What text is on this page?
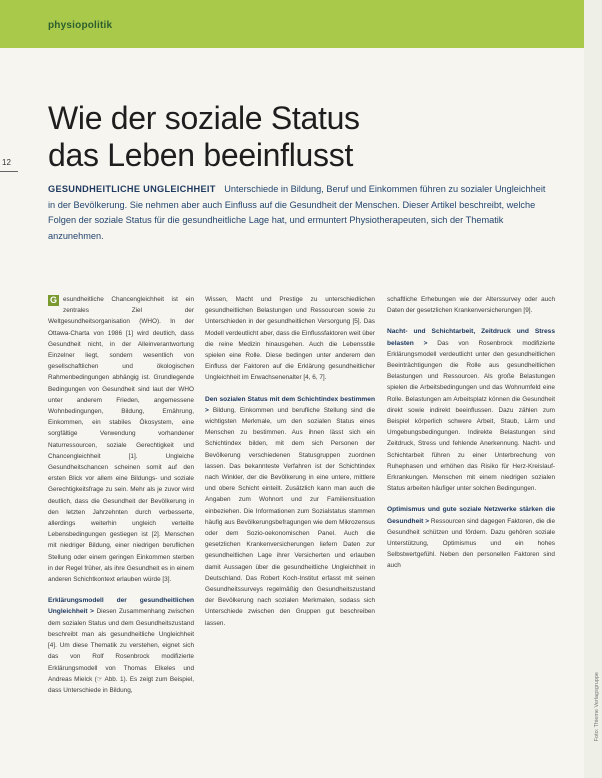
physiopolitik
12
Wie der soziale Status
das Leben beeinflusst
GESUNDHEITLICHE UNGLEICHHEIT Unterschiede in Bildung, Beruf und Einkommen führen zu sozialer Ungleichheit in der Bevölkerung. Sie nehmen aber auch Einfluss auf die Gesundheit der Menschen. Dieser Artikel beschreibt, welche Folgen der soziale Status für die gesundheitliche Lage hat, und ermuntert Physiotherapeuten, sich der Thematik anzunehmen.

G esundheitliche Chancengleichheit ist ein zentrales Ziel der Weltgesundheitsorganisation (WHO). In der Ottawa-Charta von 1986 [1] wird deutlich, dass Gesundheit nicht, in der Alleinverantwortung Einzelner liegt, sondern wesentlich von gesellschaftlichen und ökologischen Rahmenbedingungen abhängig ist. Grundlegende Bedingungen von Gesundheit sind laut der WHO unter anderem Frieden, angemessene Wohnbedingungen, Bildung, Ernährung, Einkommen, ein stabiles Ökosystem, eine sorgfältige Verwendung vorhandener Naturressourcen, soziale Gerechtigkeit und Chancengleichheit [1]. Ungleiche Gesundheitschancen scheinen somit auf den ersten Blick vor allem eine Bildungs- und soziale Gerechtigkeitsfrage zu sein. Mehr als je zuvor wird deutlich, dass die Gesundheit der Bevölkerung in den letzten Jahrzehnten durch verbesserte, allerdings weiterhin ungleich verteilte Lebensbedingungen gestiegen ist [2]. Menschen mit niedriger Bildung, einer niedrigen beruflichen Stellung oder einem geringen Einkommen sterben in der Regel früher, als ihre Gesundheit es in einem anderen Schichtkontext erlauben würde [3].

Erklärungsmodell der gesundheitlichen Ungleichheit > Diesen Zusammenhang zwischen dem sozialen Status und dem Gesundheitszustand beschreibt man als gesundheitliche Ungleichheit [4]. Um diese Thematik zu verstehen, eignet sich das von Rolf Rosenbrock modifizierte Erklärungsmodell von Thomas Elkeles und Andreas Mielck (☞ Abb. 1). Es zeigt zum Beispiel, dass Unterschiede in Bildung,

Wissen, Macht und Prestige zu unterschiedlichen gesundheitlichen Belastungen und Ressourcen sowie zu Unterschieden in der gesundheitlichen Versorgung [5]. Das Modell verdeutlicht aber, dass die Einflussfaktoren weit über die reine Medizin hinausgehen. Auch die Lebensstile spielen eine Rolle. Diese bedingen unter anderem den Einfluss der Faktoren auf die Erklärung gesundheitlicher Ungleichheit im Erwachsenenalter [4, 6, 7].

Den sozialen Status mit dem Schichtindex bestimmen > Bildung, Einkommen und berufliche Stellung sind die wichtigsten Merkmale, um den sozialen Status eines Menschen zu bestimmen. Aus ihnen lässt sich ein Schichtindex bilden, mit dem sich Personen der Bevölkerung verschiedenen Statusgruppen zuordnen lassen. Das bekannteste Verfahren ist der Schichtindex nach Winkler, der die Bevölkerung in eine untere, mittlere und obere Schicht einteilt. Zusätzlich kann man auch die Angaben zum Wohnort und zur Familiensituation einbeziehen. Die Informationen zum Sozialstatus stammen häufig aus Bevölkerungsbefragungen wie dem Mikrozensus oder dem Sozio-oekonomischen Panel. Auch die gesetzlichen Krankenversicherungen liefern Daten zur gesundheitlichen Lage ihrer Versicherten und erlauben damit Aussagen über die gesundheitliche Ungleichheit in Deutschland. Das Robert Koch-Institut erfasst mit seinen Gesundheitssurveys regelmäßig den Gesundheitszustand der Bevölkerung nach sozialen Merkmalen, sodass sich Unterschiede zwischen den Gruppen gut beschreiben lassen.

schaftliche Erhebungen wie der Alterssurvey oder auch Daten der gesetzlichen Krankenversicherungen [9].

Nacht- und Schichtarbeit, Zeitdruck und Stress belasten > Das von Rosenbrock modifizierte Erklärungsmodell verdeutlicht unter den gesundheitlichen Beeinträchtigungen die Rolle aus gesundheitlichen Belastungen und Ressourcen. Als große Belastungen spielen die Arbeitsbedingungen und das Wohnumfeld eine Rolle. Belastungen am Arbeitsplatz können die Gesundheit direkt sowie indirekt beeinflussen. Dazu zählen zum Beispiel körperlich schwere Arbeit, Staub, Lärm und Umgebungsbedingungen. Indirekte Belastungen sind Zeitdruck, Stress und fehlende Anerkennung. Nacht- und Schichtarbeit führen zu einer Unterbrechung von Ruhephasen und erhöhen das Risiko für Herz-Kreislauf-Erkrankungen. Menschen mit einem niedrigen sozialen Status arbeiten häufiger unter solchen Bedingungen.

Optimismus und gute soziale Netzwerke stärken die Gesundheit > Ressourcen sind dagegen Faktoren, die die Gesundheit schützen und fördern. Dazu gehören soziale Unterstützung, Optimismus und ein hohes Selbstwertgefühl. Neben den personellen Faktoren sind auch

Foto: Thieme Verlagsgruppe
